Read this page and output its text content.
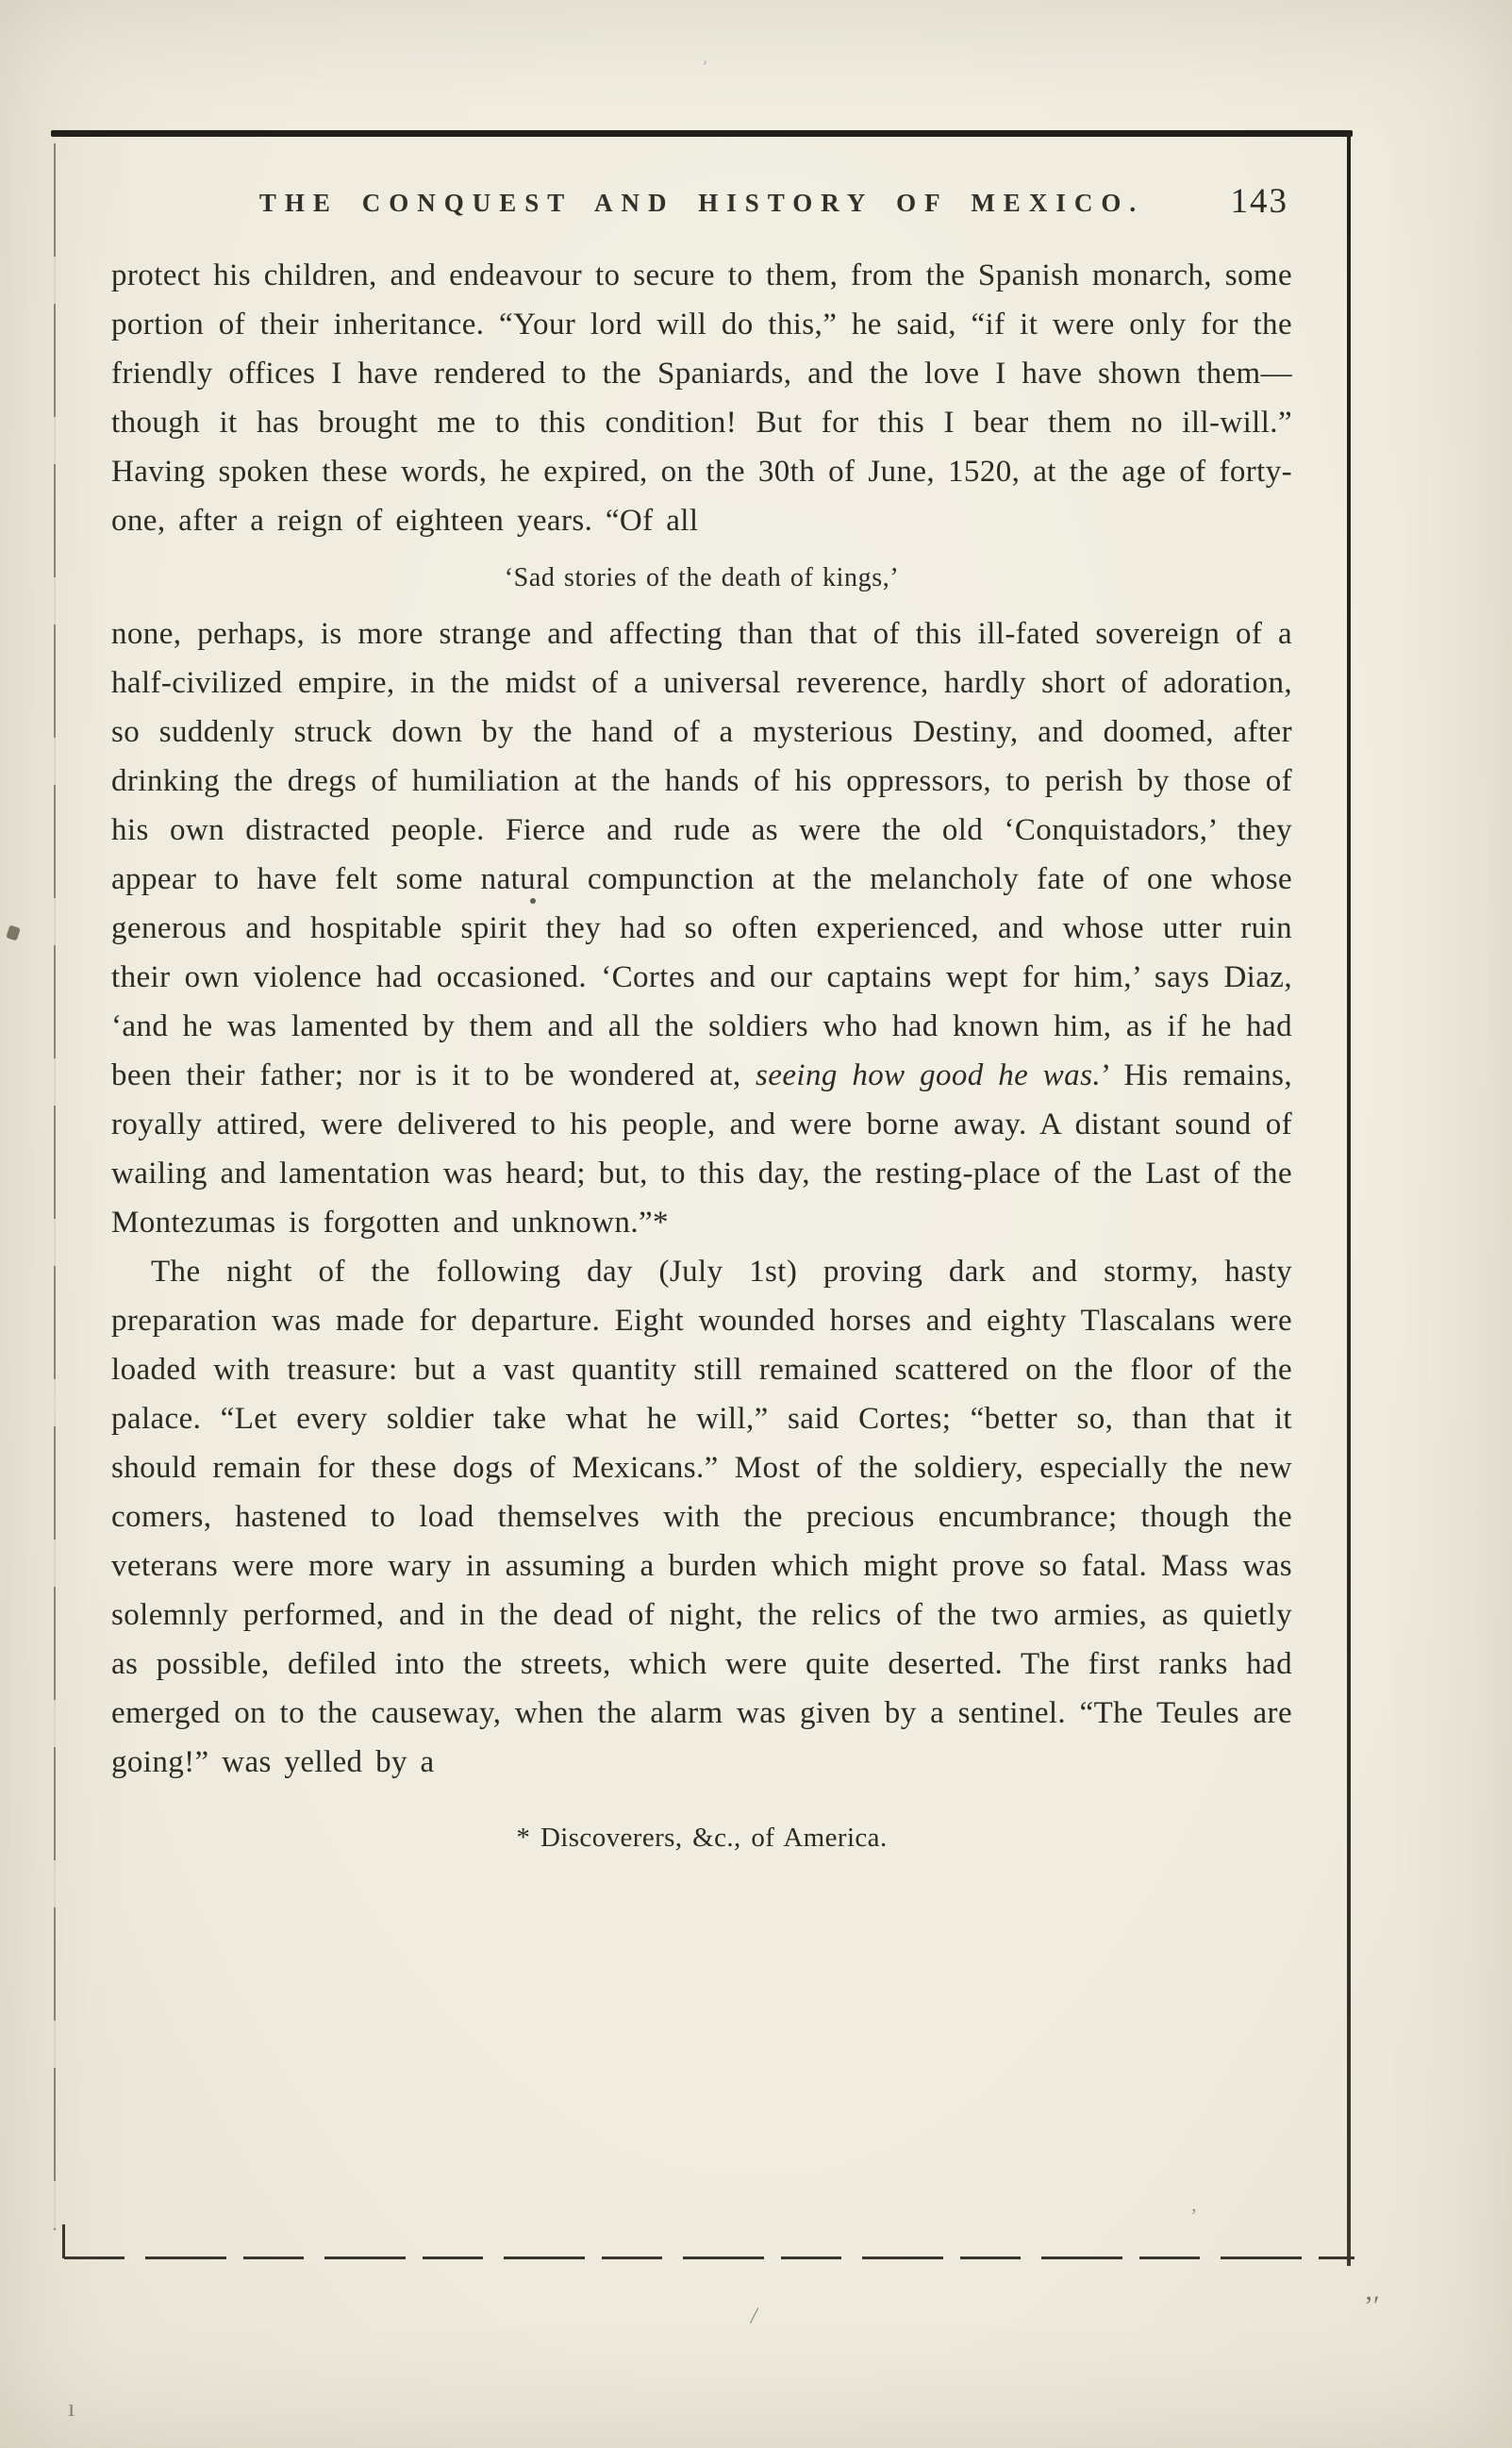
THE CONQUEST AND HISTORY OF MEXICO. 143

protect his children, and endeavour to secure to them, from the Spanish monarch, some portion of their inheritance. “Your lord will do this,” he said, “if it were only for the friendly offices I have rendered to the Spaniards, and the love I have shown them—though it has brought me to this condition! But for this I bear them no ill-will.” Having spoken these words, he expired, on the 30th of June, 1520, at the age of forty-one, after a reign of eighteen years. “Of all

‘Sad stories of the death of kings,’

none, perhaps, is more strange and affecting than that of this ill-fated sovereign of a half-civilized empire, in the midst of a universal reverence, hardly short of adoration, so suddenly struck down by the hand of a mysterious Destiny, and doomed, after drinking the dregs of humiliation at the hands of his oppressors, to perish by those of his own distracted people. Fierce and rude as were the old ‘Conquistadors,’ they appear to have felt some natural compunction at the melancholy fate of one whose generous and hospitable spirit they had so often experienced, and whose utter ruin their own violence had occasioned. ‘Cortes and our captains wept for him,’ says Diaz, ‘and he was lamented by them and all the soldiers who had known him, as if he had been their father; nor is it to be wondered at, seeing how good he was.’ His remains, royally attired, were delivered to his people, and were borne away. A distant sound of wailing and lamentation was heard; but, to this day, the resting-place of the Last of the Montezumas is forgotten and unknown.”*

The night of the following day (July 1st) proving dark and stormy, hasty preparation was made for departure. Eight wounded horses and eighty Tlascalans were loaded with treasure: but a vast quantity still remained scattered on the floor of the palace. “Let every soldier take what he will,” said Cortes; “better so, than that it should remain for these dogs of Mexicans.” Most of the soldiery, especially the new comers, hastened to load themselves with the precious encumbrance; though the veterans were more wary in assuming a burden which might prove so fatal. Mass was solemnly performed, and in the dead of night, the relics of the two armies, as quietly as possible, defiled into the streets, which were quite deserted. The first ranks had emerged on to the causeway, when the alarm was given by a sentinel. “The Teules are going!” was yelled by a

* Discoverers, &c., of America.
’′
/
ʾ
ı
’
